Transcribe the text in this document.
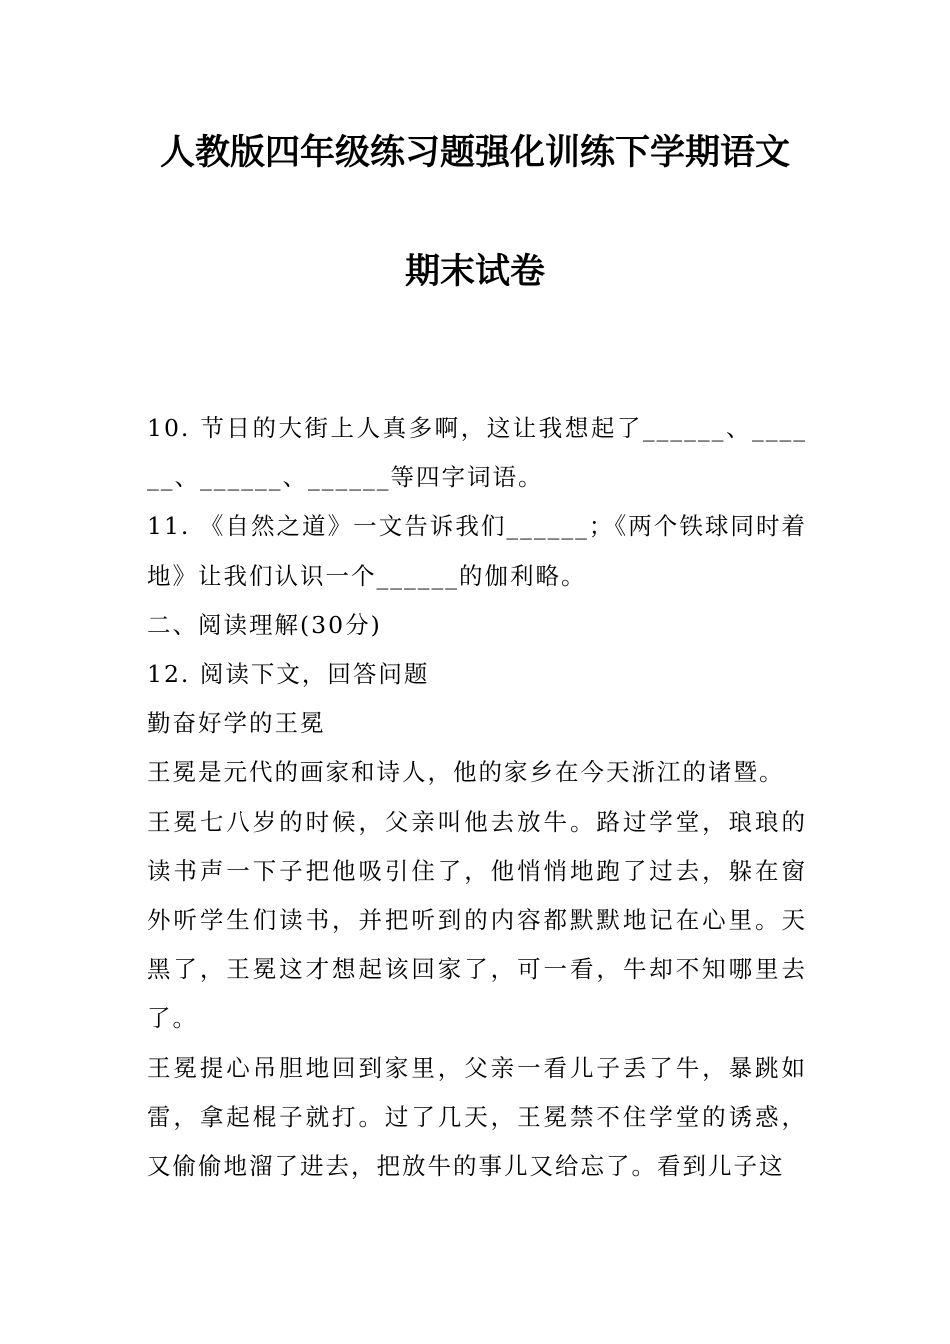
人教版四年级练习题强化训练下学期语文
期末试卷

10. 节日的大街上人真多啊，这让我想起了______、______、______、______等四字词语。

11. 《自然之道》一文告诉我们______；《两个铁球同时着地》让我们认识一个______的伽利略。

二、阅读理解(30分)

12. 阅读下文，回答问题

勤奋好学的王冕

王冕是元代的画家和诗人，他的家乡在今天浙江的诸暨。

王冕七八岁的时候，父亲叫他去放牛。路过学堂，琅琅的读书声一下子把他吸引住了，他悄悄地跑了过去，躲在窗外听学生们读书，并把听到的内容都默默地记在心里。天黑了，王冕这才想起该回家了，可一看，牛却不知哪里去了。

王冕提心吊胆地回到家里，父亲一看儿子丢了牛，暴跳如雷，拿起棍子就打。过了几天，王冕禁不住学堂的诱惑，又偷偷地溜了进去，把放牛的事儿又给忘了。看到儿子这
